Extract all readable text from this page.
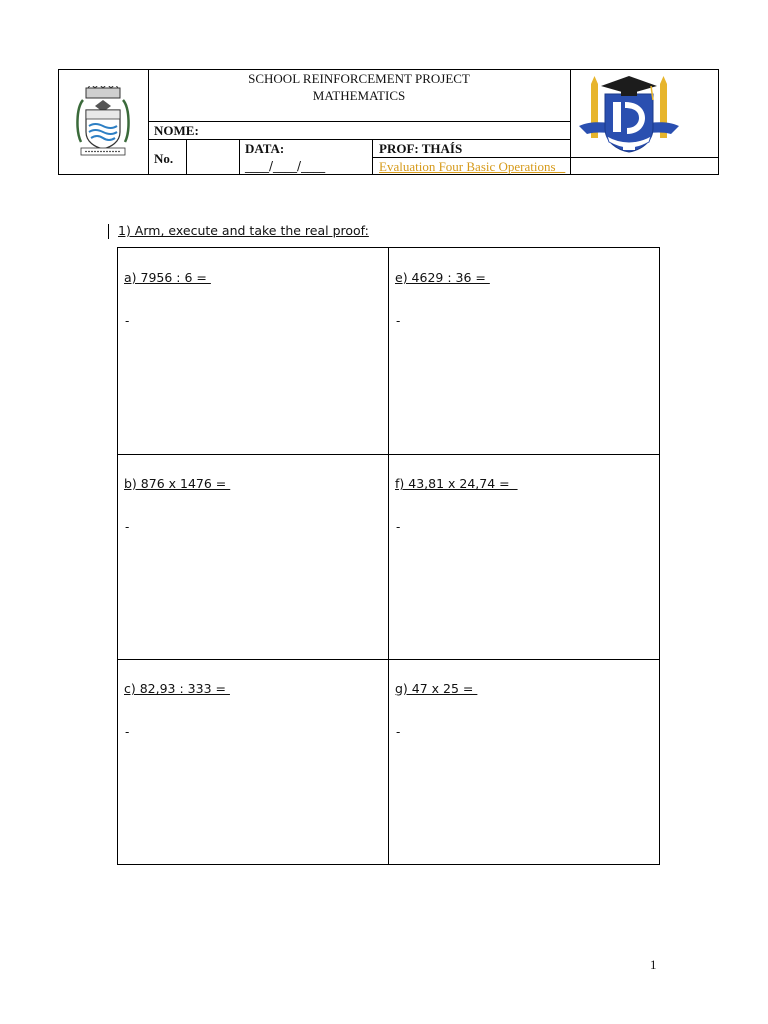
SCHOOL REINFORCEMENT PROJECT
MATHEMATICS
NOME:
No.
DATA:
____/____/____
PROF: THAÍS
Evaluation Four Basic Operations
1) Arm, execute and take the real proof:
a) 7956 : 6 =
-
e) 4629 : 36 =
-
b) 876 x 1476 =
-
f) 43,81 x 24,74 =
-
c) 82,93 : 333 =
-
g) 47 x 25 =
-
1
